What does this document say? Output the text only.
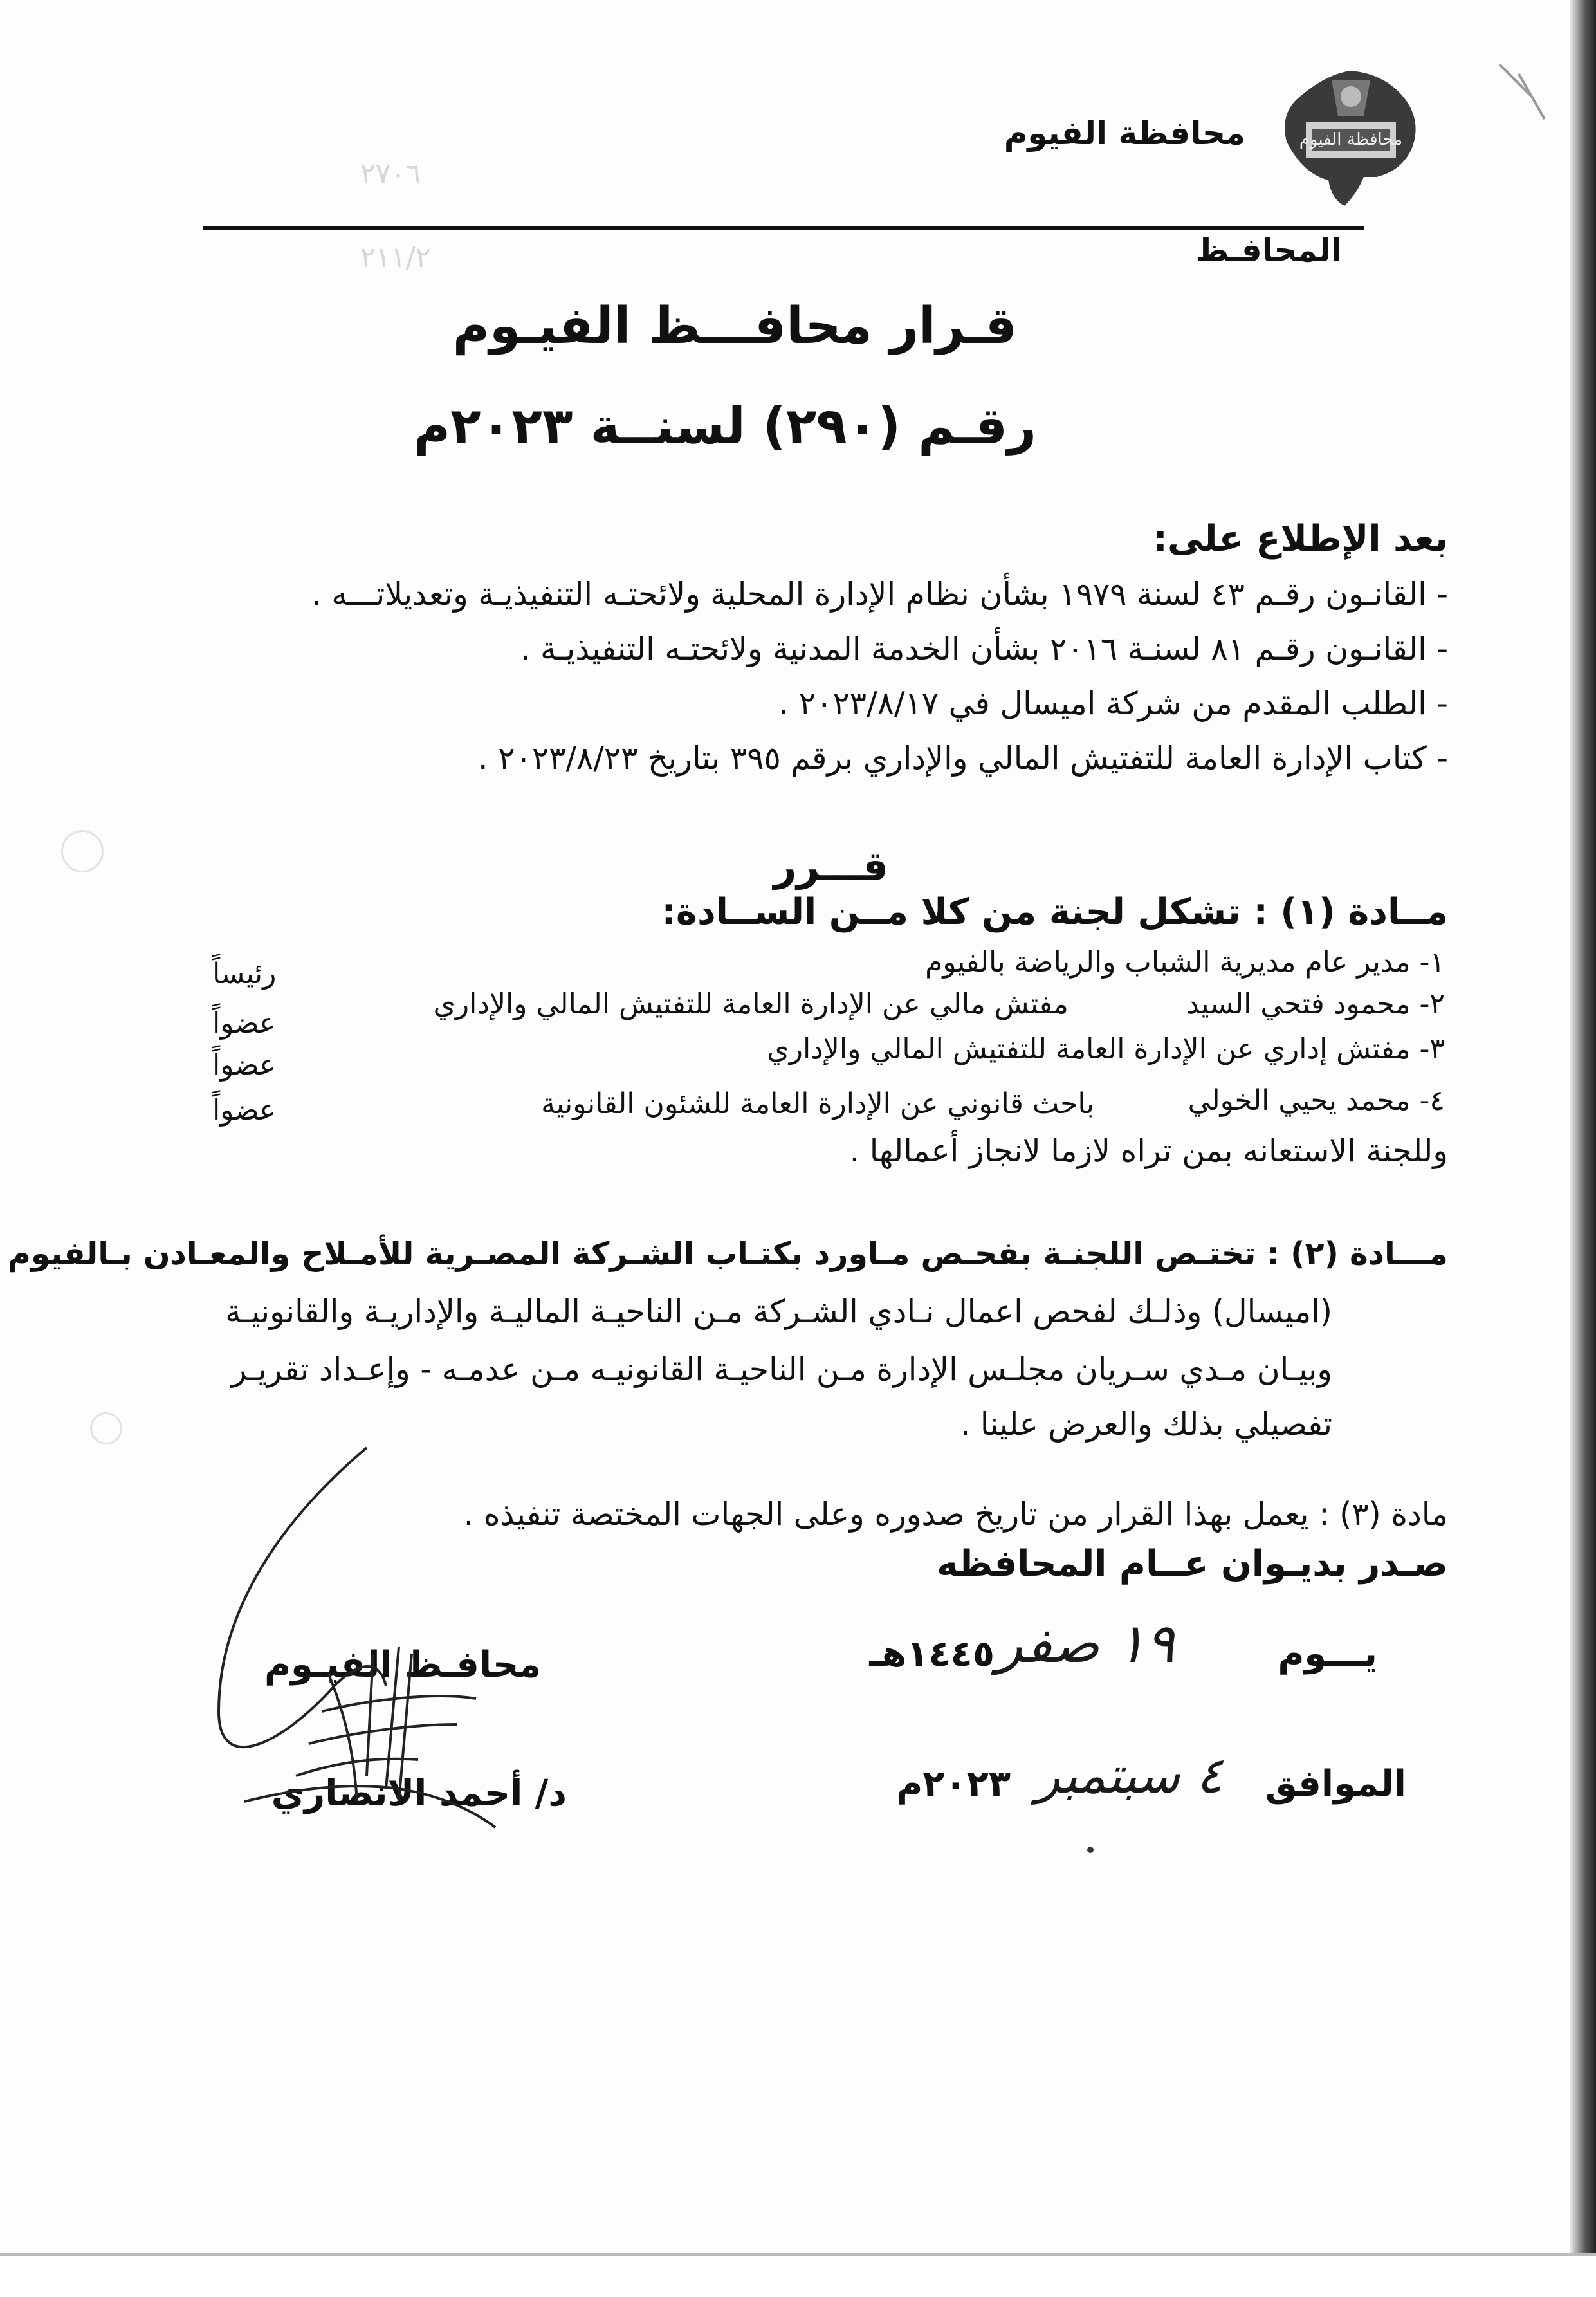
٢٧٠٦
٢١١/٢
محافظة الفيوم
محافظة الفيوم
المحافـظ
قـرار محافـــظ الفيـوم
رقـم (٢٩٠) لسنــة ٢٠٢٣م
بعد الإطلاع على:
- القانـون رقـم ٤٣ لسنة ١٩٧٩ بشأن نظام الإدارة المحلية ولائحتـه التنفيذيـة وتعديلاتـــه .
- القانـون رقـم ٨١ لسنـة ٢٠١٦ بشأن الخدمة المدنية ولائحتـه التنفيذيـة .
- الطلب المقدم من شركة اميسال في ٢٠٢٣/٨/١٧ .
- كتاب الإدارة العامة للتفتيش المالي والإداري برقم ٣٩٥ بتاريخ ٢٠٢٣/٨/٢٣ .
قـــرر
مــادة (١) : تشكل لجنة من كلا مــن الســادة:
١- مدير عام مديرية الشباب والرياضة بالفيوم
رئيساً
٢- محمود فتحي السيد
مفتش مالي عن الإدارة العامة للتفتيش المالي والإداري
عضواً
٣- مفتش إداري عن الإدارة العامة للتفتيش المالي والإداري
عضواً
٤- محمد يحيي الخولي
باحث قانوني عن الإدارة العامة للشئون القانونية
عضواً
وللجنة الاستعانه بمن تراه لازما لانجاز أعمالها .
مـــادة (٢) : تختـص اللجنـة بفحـص مـاورد بكتـاب الشـركة المصـرية للأمـلاح والمعـادن بـالفيوم
(اميسال) وذلـك لفحص اعمال نـادي الشـركة مـن الناحيـة الماليـة والإداريـة والقانونيـة
وبيـان مـدي سـريان مجلـس الإدارة مـن الناحيـة القانونيـه مـن عدمـه - وإعـداد تقريـر
تفصيلي بذلك والعرض علينا .
مادة (٣) : يعمل بهذا القرار من تاريخ صدوره وعلى الجهات المختصة تنفيذه .
صـدر بديـوان عــام المحافظه
يـــوم
١٩ صفر
١٤٤٥هـ
الموافق
٤ سبتمبر
٢٠٢٣م
محافـظ الفيـوم
د/ أحمد الانصاري
